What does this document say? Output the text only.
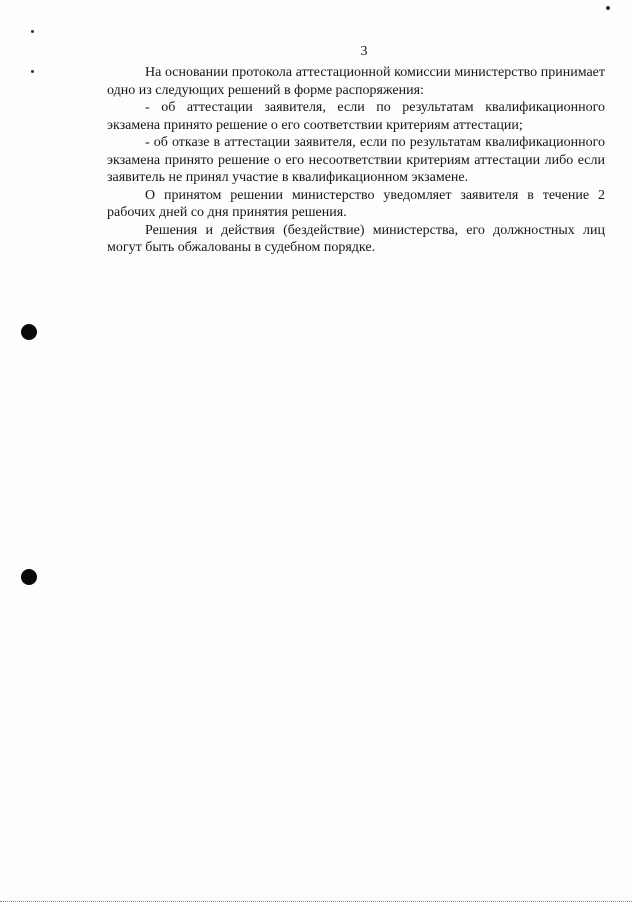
3

На основании протокола аттестационной комиссии министерство принимает одно из следующих решений в форме распоряжения:

- об аттестации заявителя, если по результатам квалификационного экзамена принято решение о его соответствии критериям аттестации;

- об отказе в аттестации заявителя, если по результатам квалификационного экзамена принято решение о его несоответствии критериям аттестации либо если заявитель не принял участие в квалификационном экзамене.

О принятом решении министерство уведомляет заявителя в течение 2 рабочих дней со дня принятия решения.

Решения и действия (бездействие) министерства, его должностных лиц могут быть обжалованы в судебном порядке.
